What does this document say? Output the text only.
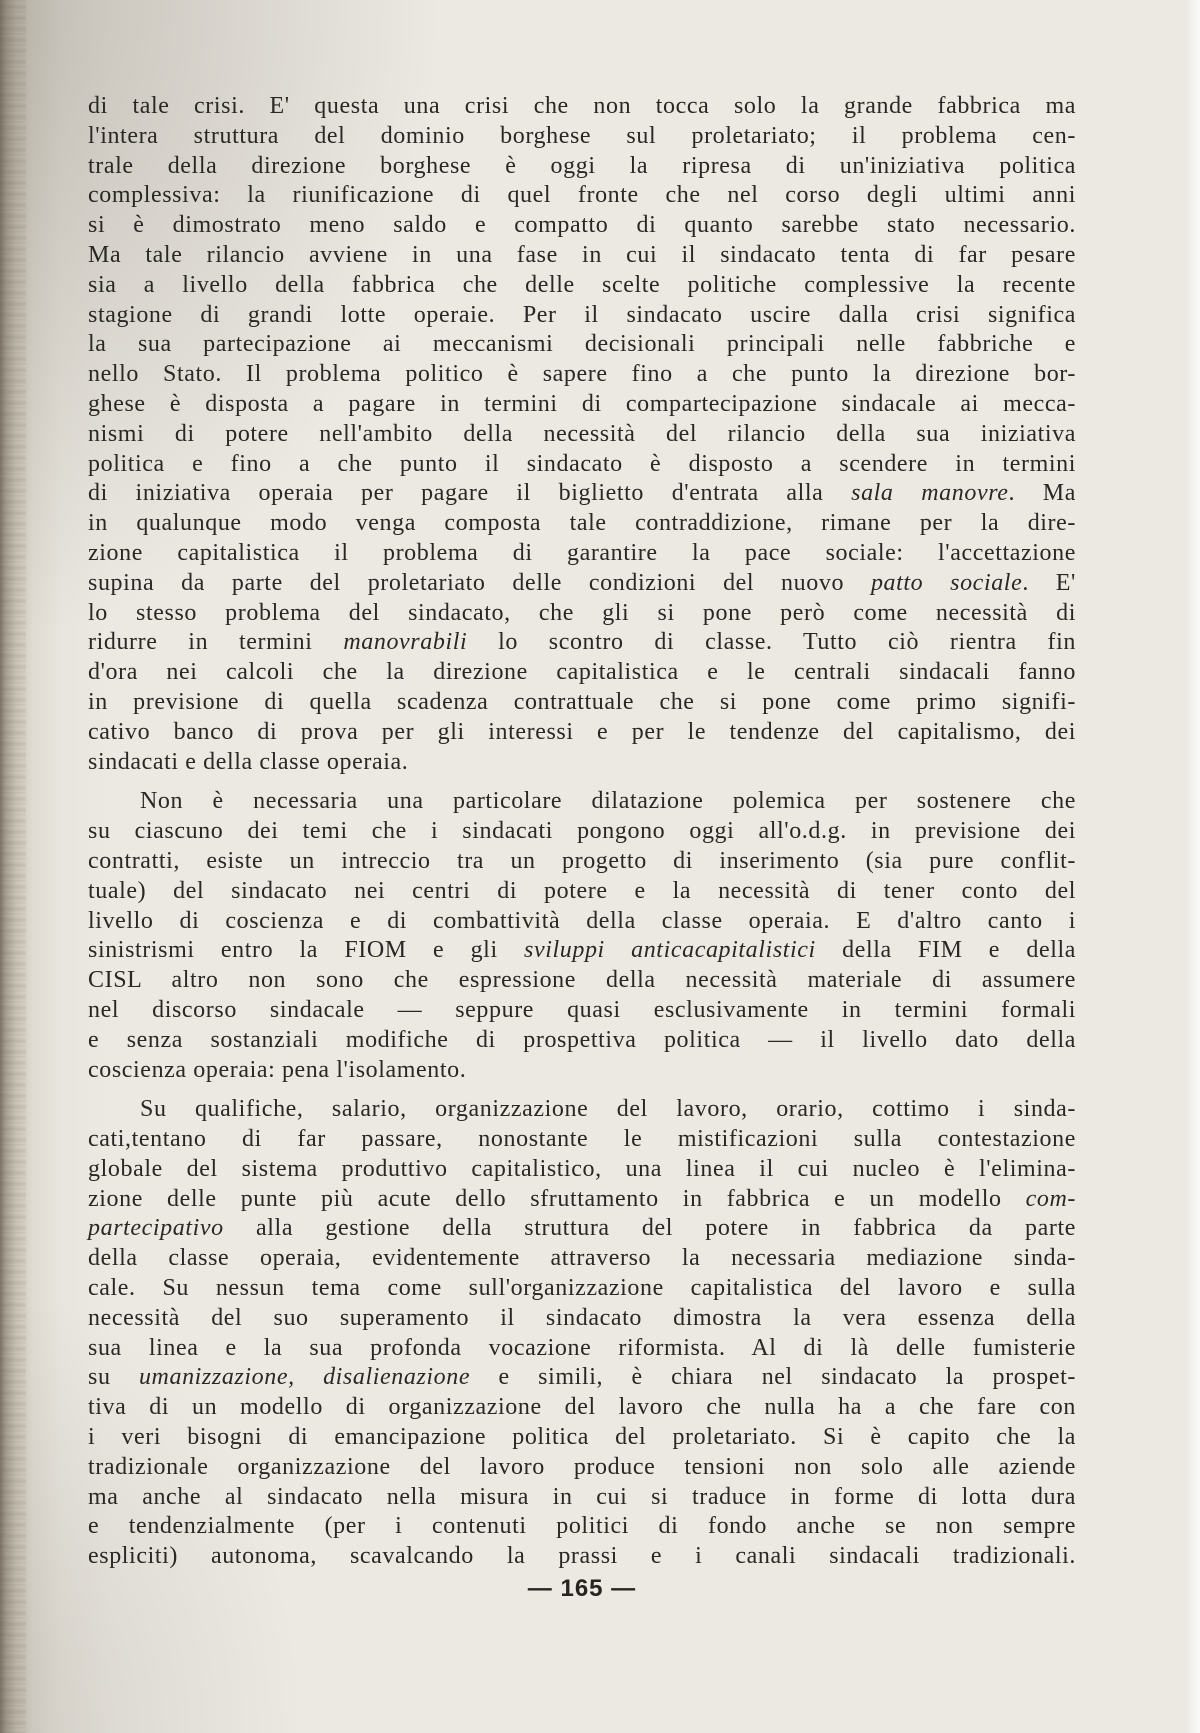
di tale crisi. E' questa una crisi che non tocca solo la grande fabbrica ma
l'intera struttura del dominio borghese sul proletariato; il problema cen-
trale della direzione borghese è oggi la ripresa di un'iniziativa politica
complessiva: la riunificazione di quel fronte che nel corso degli ultimi anni
si è dimostrato meno saldo e compatto di quanto sarebbe stato necessario.
Ma tale rilancio avviene in una fase in cui il sindacato tenta di far pesare
sia a livello della fabbrica che delle scelte politiche complessive la recente
stagione di grandi lotte operaie. Per il sindacato uscire dalla crisi significa
la sua partecipazione ai meccanismi decisionali principali nelle fabbriche e
nello Stato. Il problema politico è sapere fino a che punto la direzione bor-
ghese è disposta a pagare in termini di compartecipazione sindacale ai mecca-
nismi di potere nell'ambito della necessità del rilancio della sua iniziativa
politica e fino a che punto il sindacato è disposto a scendere in termini
di iniziativa operaia per pagare il biglietto d'entrata alla sala manovre. Ma
in qualunque modo venga composta tale contraddizione, rimane per la dire-
zione capitalistica il problema di garantire la pace sociale: l'accettazione
supina da parte del proletariato delle condizioni del nuovo patto sociale. E'
lo stesso problema del sindacato, che gli si pone però come necessità di
ridurre in termini manovrabili lo scontro di classe. Tutto ciò rientra fin
d'ora nei calcoli che la direzione capitalistica e le centrali sindacali fanno
in previsione di quella scadenza contrattuale che si pone come primo signifi-
cativo banco di prova per gli interessi e per le tendenze del capitalismo, dei
sindacati e della classe operaia.
Non è necessaria una particolare dilatazione polemica per sostenere che
su ciascuno dei temi che i sindacati pongono oggi all'o.d.g. in previsione dei
contratti, esiste un intreccio tra un progetto di inserimento (sia pure conflit-
tuale) del sindacato nei centri di potere e la necessità di tener conto del
livello di coscienza e di combattività della classe operaia. E d'altro canto i
sinistrismi entro la FIOM e gli sviluppi anticacapitalistici della FIM e della
CISL altro non sono che espressione della necessità materiale di assumere
nel discorso sindacale — seppure quasi esclusivamente in termini formali
e senza sostanziali modifiche di prospettiva politica — il livello dato della
coscienza operaia: pena l'isolamento.
Su qualifiche, salario, organizzazione del lavoro, orario, cottimo i sinda-
cati,tentano di far passare, nonostante le mistificazioni sulla contestazione
globale del sistema produttivo capitalistico, una linea il cui nucleo è l'elimina-
zione delle punte più acute dello sfruttamento in fabbrica e un modello com-
partecipativo alla gestione della struttura del potere in fabbrica da parte
della classe operaia, evidentemente attraverso la necessaria mediazione sinda-
cale. Su nessun tema come sull'organizzazione capitalistica del lavoro e sulla
necessità del suo superamento il sindacato dimostra la vera essenza della
sua linea e la sua profonda vocazione riformista. Al di là delle fumisterie
su umanizzazione, disalienazione e simili, è chiara nel sindacato la prospet-
tiva di un modello di organizzazione del lavoro che nulla ha a che fare con
i veri bisogni di emancipazione politica del proletariato. Si è capito che la
tradizionale organizzazione del lavoro produce tensioni non solo alle aziende
ma anche al sindacato nella misura in cui si traduce in forme di lotta dura
e tendenzialmente (per i contenuti politici di fondo anche se non sempre
espliciti) autonoma, scavalcando la prassi e i canali sindacali tradizionali.
— 165 —
